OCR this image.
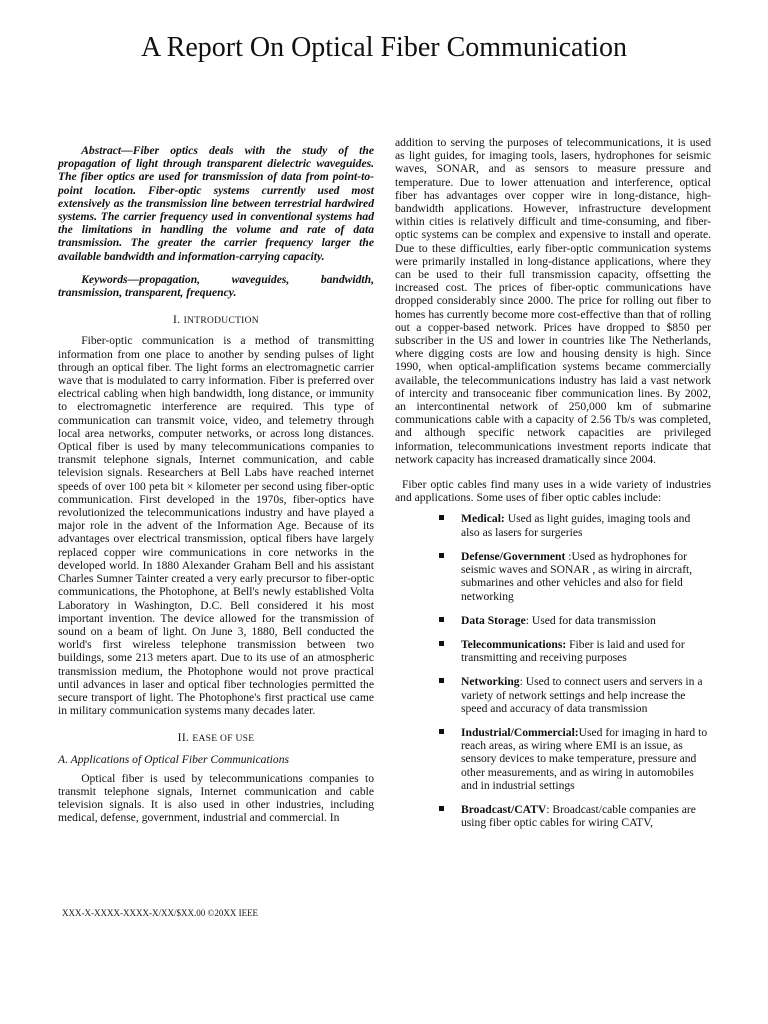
A Report On Optical Fiber Communication

Abstract—Fiber optics deals with the study of the propagation of light through transparent dielectric waveguides. The fiber optics are used for transmission of data from point-to-point location. Fiber-optic systems currently used most extensively as the transmission line between terrestrial hardwired systems. The carrier frequency used in conventional systems had the limitations in handling the volume and rate of data transmission. The greater the carrier frequency larger the available bandwidth and information-carrying capacity.

Keywords—propagation, waveguides, bandwidth, transmission, transparent, frequency.

I. INTRODUCTION

Fiber-optic communication is a method of transmitting information from one place to another by sending pulses of light through an optical fiber. The light forms an electromagnetic carrier wave that is modulated to carry information. Fiber is preferred over electrical cabling when high bandwidth, long distance, or immunity to electromagnetic interference are required. This type of communication can transmit voice, video, and telemetry through local area networks, computer networks, or across long distances. Optical fiber is used by many telecommunications companies to transmit telephone signals, Internet communication, and cable television signals. Researchers at Bell Labs have reached internet speeds of over 100 peta bit × kilometer per second using fiber-optic communication. First developed in the 1970s, fiber-optics have revolutionized the telecommunications industry and have played a major role in the advent of the Information Age. Because of its advantages over electrical transmission, optical fibers have largely replaced copper wire communications in core networks in the developed world. In 1880 Alexander Graham Bell and his assistant Charles Sumner Tainter created a very early precursor to fiber-optic communications, the Photophone, at Bell's newly established Volta Laboratory in Washington, D.C. Bell considered it his most important invention. The device allowed for the transmission of sound on a beam of light. On June 3, 1880, Bell conducted the world's first wireless telephone transmission between two buildings, some 213 meters apart. Due to its use of an atmospheric transmission medium, the Photophone would not prove practical until advances in laser and optical fiber technologies permitted the secure transport of light. The Photophone's first practical use came in military communication systems many decades later.

II. EASE OF USE
A. Applications of Optical Fiber Communications

Optical fiber is used by telecommunications companies to transmit telephone signals, Internet communication and cable television signals. It is also used in other industries, including medical, defense, government, industrial and commercial. In

addition to serving the purposes of telecommunications, it is used as light guides, for imaging tools, lasers, hydrophones for seismic waves, SONAR, and as sensors to measure pressure and temperature. Due to lower attenuation and interference, optical fiber has advantages over copper wire in long-distance, high-bandwidth applications. However, infrastructure development within cities is relatively difficult and time-consuming, and fiber-optic systems can be complex and expensive to install and operate. Due to these difficulties, early fiber-optic communication systems were primarily installed in long-distance applications, where they can be used to their full transmission capacity, offsetting the increased cost. The prices of fiber-optic communications have dropped considerably since 2000. The price for rolling out fiber to homes has currently become more cost-effective than that of rolling out a copper-based network. Prices have dropped to $850 per subscriber in the US and lower in countries like The Netherlands, where digging costs are low and housing density is high. Since 1990, when optical-amplification systems became commercially available, the telecommunications industry has laid a vast network of intercity and transoceanic fiber communication lines. By 2002, an intercontinental network of 250,000 km of submarine communications cable with a capacity of 2.56 Tb/s was completed, and although specific network capacities are privileged information, telecommunications investment reports indicate that network capacity has increased dramatically since 2004.

Fiber optic cables find many uses in a wide variety of industries and applications. Some uses of fiber optic cables include:

Medical: Used as light guides, imaging tools and also as lasers for surgeries
Defense/Government :Used as hydrophones for seismic waves and SONAR , as wiring in aircraft, submarines and other vehicles and also for field networking
Data Storage: Used for data transmission
Telecommunications: Fiber is laid and used for transmitting and receiving purposes
Networking: Used to connect users and servers in a variety of network settings and help increase the speed and accuracy of data transmission
Industrial/Commercial:Used for imaging in hard to reach areas, as wiring where EMI is an issue, as sensory devices to make temperature, pressure and other measurements, and as wiring in automobiles and in industrial settings
Broadcast/CATV: Broadcast/cable companies are using fiber optic cables for wiring CATV,
XXX-X-XXXX-XXXX-X/XX/$XX.00 ©20XX IEEE
